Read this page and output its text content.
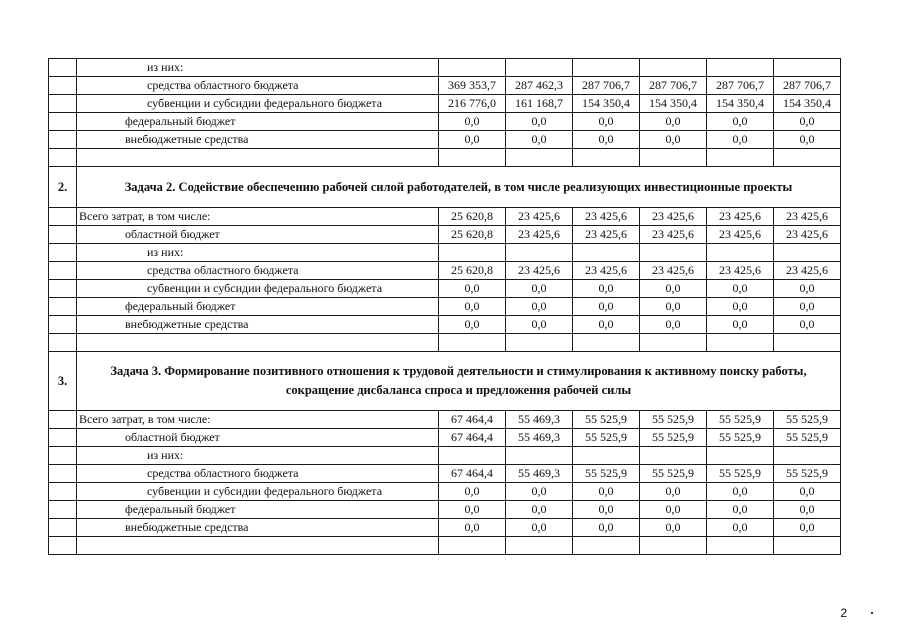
	из них:						
	средства областного бюджета	369 353,7	287 462,3	287 706,7	287 706,7	287 706,7	287 706,7
	субвенции и субсидии федерального бюджета	216 776,0	161 168,7	154 350,4	154 350,4	154 350,4	154 350,4
	федеральный бюджет	0,0	0,0	0,0	0,0	0,0	0,0
	внебюджетные средства	0,0	0,0	0,0	0,0	0,0	0,0

2.	Задача 2. Содействие обеспечению рабочей силой работодателей, в том числе реализующих инвестиционные проекты						
	Всего затрат, в том числе:	25 620,8	23 425,6	23 425,6	23 425,6	23 425,6	23 425,6
	областной бюджет	25 620,8	23 425,6	23 425,6	23 425,6	23 425,6	23 425,6
	из них:						
	средства областного бюджета	25 620,8	23 425,6	23 425,6	23 425,6	23 425,6	23 425,6
	субвенции и субсидии федерального бюджета	0,0	0,0	0,0	0,0	0,0	0,0
	федеральный бюджет	0,0	0,0	0,0	0,0	0,0	0,0
	внебюджетные средства	0,0	0,0	0,0	0,0	0,0	0,0

3.	Задача 3. Формирование позитивного отношения к трудовой деятельности и стимулирования к активному поиску работы, сокращение дисбаланса спроса и предложения рабочей силы						
	Всего затрат, в том числе:	67 464,4	55 469,3	55 525,9	55 525,9	55 525,9	55 525,9
	областной бюджет	67 464,4	55 469,3	55 525,9	55 525,9	55 525,9	55 525,9
	из них:						
	средства областного бюджета	67 464,4	55 469,3	55 525,9	55 525,9	55 525,9	55 525,9
	субвенции и субсидии федерального бюджета	0,0	0,0	0,0	0,0	0,0	0,0
	федеральный бюджет	0,0	0,0	0,0	0,0	0,0	0,0
	внебюджетные средства	0,0	0,0	0,0	0,0	0,0	0,0

2
